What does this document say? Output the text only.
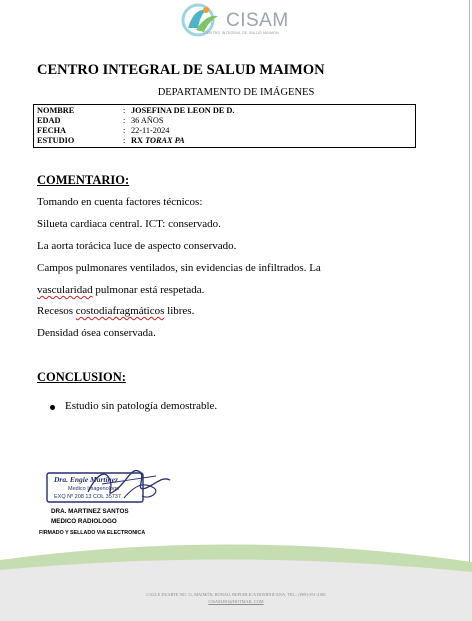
CISAM
CENTRO INTEGRAL DE SALUD MAIMON
CENTRO INTEGRAL DE SALUD MAIMON
DEPARTAMENTO DE IMÁGENES
NOMBRE	: JOSEFINA DE LEON DE D.
EDAD	: 36 AÑOS
FECHA	: 22-11-2024
ESTUDIO	: RX TORAX PA
COMENTARIO:
Tomando en cuenta factores técnicos:
Silueta cardiaca central. ICT: conservado.
La aorta torácica luce de aspecto conservado.
Campos pulmonares ventilados, sin evidencias de infiltrados. La
vascularidad pulmonar está respetada.
Recesos costodiafragmáticos libres.
Densidad ósea conservada.
CONCLUSION:
Estudio sin patología demostrable.
Dra. Engie Martinez
Medico Imagenologo
EXQ Nº 208 13 COL 35737
DRA. MARTINEZ SANTOS
MEDICO RADIOLOGO
FIRMADO Y SELLADO VIA ELECTRONICA
CALLE DUARTE NO. 11, MAIMÓN, BONAO, REPUBLICA DOMINICANA, TEL.: (809)-551-2186
CISAM.BO@HOTMAIL.COM
